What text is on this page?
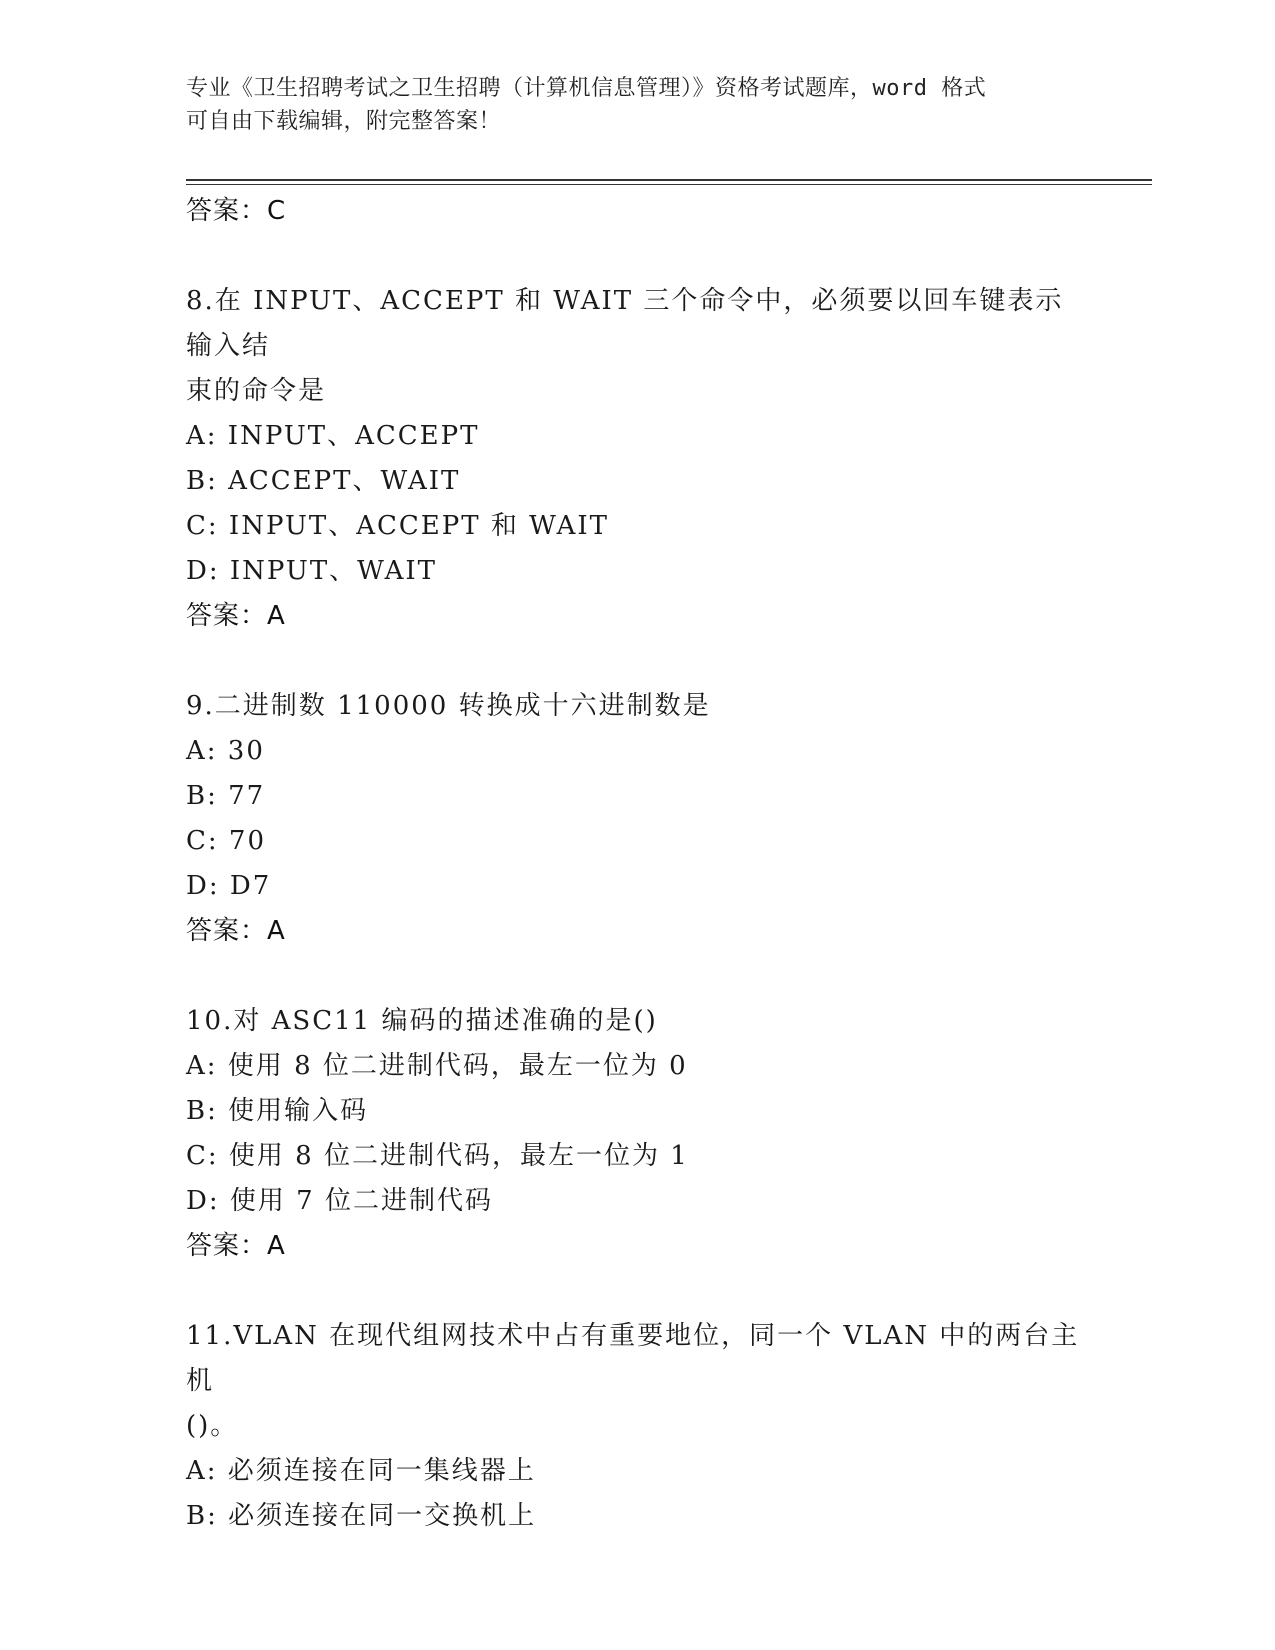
专业《卫生招聘考试之卫生招聘（计算机信息管理）》资格考试题库，word 格式
可自由下载编辑，附完整答案！
答案：C
8.在 INPUT、ACCEPT 和 WAIT 三个命令中，必须要以回车键表示输入结
束的命令是
A: INPUT、ACCEPT
B: ACCEPT、WAIT
C: INPUT、ACCEPT 和 WAIT
D: INPUT、WAIT
答案：A
9.二进制数 110000 转换成十六进制数是
A: 30
B: 77
C: 70
D: D7
答案：A
10.对 ASC11 编码的描述准确的是()
A: 使用 8 位二进制代码，最左一位为 0
B: 使用输入码
C: 使用 8 位二进制代码，最左一位为 1
D: 使用 7 位二进制代码
答案：A
11.VLAN 在现代组网技术中占有重要地位，同一个 VLAN 中的两台主机
()。
A: 必须连接在同一集线器上
B: 必须连接在同一交换机上
